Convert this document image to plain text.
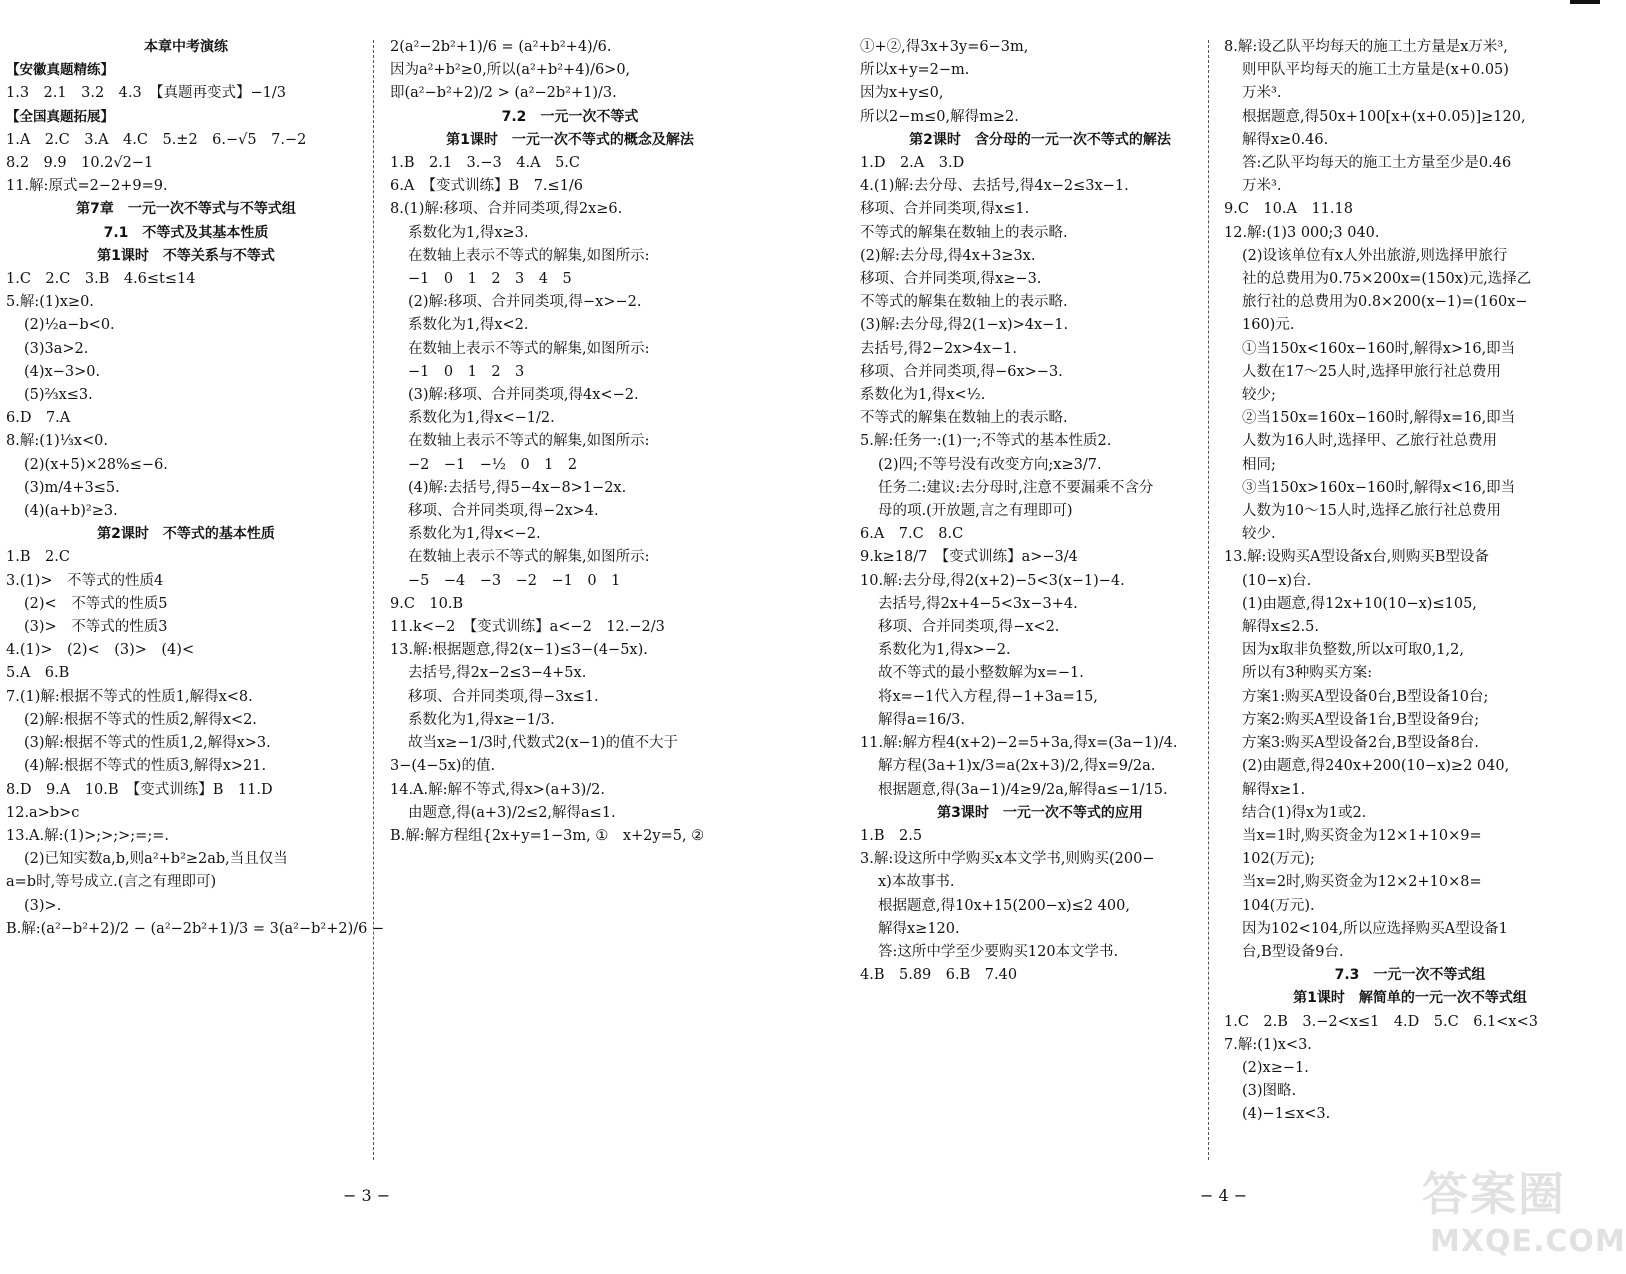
本章中考演练
【安徽真题精练】
1.3　2.1　3.2　4.3　【真题再变式】−1/3
【全国真题拓展】
1.A　2.C　3.A　4.C　5.±2　6.−√5　7.−2
8.2　9.9　10.2√2−1
11.解:原式=2−2+9=9.
第7章　一元一次不等式与不等式组
7.1　不等式及其基本性质
第1课时　不等关系与不等式
1.C　2.C　3.B　4.6≤t≤14
5.解:(1)x≥0.
(2)½a−b<0.
(3)3a>2.
(4)x−3>0.
(5)⅔x≤3.
6.D　7.A
8.解:(1)⅓x<0.
(2)(x+5)×28%≤−6.
(3)m/4+3≤5.
(4)(a+b)²≥3.
第2课时　不等式的基本性质
1.B　2.C
3.(1)>　不等式的性质4
(2)<　不等式的性质5
(3)>　不等式的性质3
4.(1)>　(2)<　(3)>　(4)<
5.A　6.B
7.(1)解:根据不等式的性质1,解得x<8.
(2)解:根据不等式的性质2,解得x<2.
(3)解:根据不等式的性质1,2,解得x>3.
(4)解:根据不等式的性质3,解得x>21.
8.D　9.A　10.B　【变式训练】B　11.D
12.a>b>c
13.A.解:(1)>;>;>;=;=.
(2)已知实数a,b,则a²+b²≥2ab,当且仅当
a=b时,等号成立.(言之有理即可)
(3)>.
B.解:(a²−b²+2)/2 − (a²−2b²+1)/3 = 3(a²−b²+2)/6 −
2(a²−2b²+1)/6 = (a²+b²+4)/6.
因为a²+b²≥0,所以(a²+b²+4)/6>0,
即(a²−b²+2)/2 > (a²−2b²+1)/3.
7.2　一元一次不等式
第1课时　一元一次不等式的概念及解法
1.B　2.1　3.−3　4.A　5.C
6.A　【变式训练】B　7.≤1/6
8.(1)解:移项、合并同类项,得2x≥6.
系数化为1,得x≥3.
在数轴上表示不等式的解集,如图所示:
−1　0　1　2　3　4　5
(2)解:移项、合并同类项,得−x>−2.
系数化为1,得x<2.
在数轴上表示不等式的解集,如图所示:
−1　0　1　2　3
(3)解:移项、合并同类项,得4x<−2.
系数化为1,得x<−1/2.
在数轴上表示不等式的解集,如图所示:
−2　−1　−½　0　1　2
(4)解:去括号,得5−4x−8>1−2x.
移项、合并同类项,得−2x>4.
系数化为1,得x<−2.
在数轴上表示不等式的解集,如图所示:
−5　−4　−3　−2　−1　0　1
9.C　10.B
11.k<−2　【变式训练】a<−2　12.−2/3
13.解:根据题意,得2(x−1)≤3−(4−5x).
去括号,得2x−2≤3−4+5x.
移项、合并同类项,得−3x≤1.
系数化为1,得x≥−1/3.
故当x≥−1/3时,代数式2(x−1)的值不大于
3−(4−5x)的值.
14.A.解:解不等式,得x>(a+3)/2.
由题意,得(a+3)/2≤2,解得a≤1.
B.解:解方程组{2x+y=1−3m, ①　x+2y=5, ②
①+②,得3x+3y=6−3m,
所以x+y=2−m.
因为x+y≤0,
所以2−m≤0,解得m≥2.
第2课时　含分母的一元一次不等式的解法
1.D　2.A　3.D
4.(1)解:去分母、去括号,得4x−2≤3x−1.
移项、合并同类项,得x≤1.
不等式的解集在数轴上的表示略.
(2)解:去分母,得4x+3≥3x.
移项、合并同类项,得x≥−3.
不等式的解集在数轴上的表示略.
(3)解:去分母,得2(1−x)>4x−1.
去括号,得2−2x>4x−1.
移项、合并同类项,得−6x>−3.
系数化为1,得x<½.
不等式的解集在数轴上的表示略.
5.解:任务一:(1)一;不等式的基本性质2.
(2)四;不等号没有改变方向;x≥3/7.
任务二:建议:去分母时,注意不要漏乘不含分
母的项.(开放题,言之有理即可)
6.A　7.C　8.C
9.k≥18/7　【变式训练】a>−3/4
10.解:去分母,得2(x+2)−5<3(x−1)−4.
去括号,得2x+4−5<3x−3+4.
移项、合并同类项,得−x<2.
系数化为1,得x>−2.
故不等式的最小整数解为x=−1.
将x=−1代入方程,得−1+3a=15,
解得a=16/3.
11.解:解方程4(x+2)−2=5+3a,得x=(3a−1)/4.
解方程(3a+1)x/3=a(2x+3)/2,得x=9/2a.
根据题意,得(3a−1)/4≥9/2a,解得a≤−1/15.
第3课时　一元一次不等式的应用
1.B　2.5
3.解:设这所中学购买x本文学书,则购买(200−
x)本故事书.
根据题意,得10x+15(200−x)≤2 400,
解得x≥120.
答:这所中学至少要购买120本文学书.
4.B　5.89　6.B　7.40
8.解:设乙队平均每天的施工土方量是x万米³,
则甲队平均每天的施工土方量是(x+0.05)
万米³.
根据题意,得50x+100[x+(x+0.05)]≥120,
解得x≥0.46.
答:乙队平均每天的施工土方量至少是0.46
万米³.
9.C　10.A　11.18
12.解:(1)3 000;3 040.
(2)设该单位有x人外出旅游,则选择甲旅行
社的总费用为0.75×200x=(150x)元,选择乙
旅行社的总费用为0.8×200(x−1)=(160x−
160)元.
①当150x<160x−160时,解得x>16,即当
人数在17～25人时,选择甲旅行社总费用
较少;
②当150x=160x−160时,解得x=16,即当
人数为16人时,选择甲、乙旅行社总费用
相同;
③当150x>160x−160时,解得x<16,即当
人数为10～15人时,选择乙旅行社总费用
较少.
13.解:设购买A型设备x台,则购买B型设备
(10−x)台.
(1)由题意,得12x+10(10−x)≤105,
解得x≤2.5.
因为x取非负整数,所以x可取0,1,2,
所以有3种购买方案:
方案1:购买A型设备0台,B型设备10台;
方案2:购买A型设备1台,B型设备9台;
方案3:购买A型设备2台,B型设备8台.
(2)由题意,得240x+200(10−x)≥2 040,
解得x≥1.
结合(1)得x为1或2.
当x=1时,购买资金为12×1+10×9=
102(万元);
当x=2时,购买资金为12×2+10×8=
104(万元).
因为102<104,所以应选择购买A型设备1
台,B型设备9台.
7.3　一元一次不等式组
第1课时　解简单的一元一次不等式组
1.C　2.B　3.−2<x≤1　4.D　5.C　6.1<x<3
7.解:(1)x<3.
(2)x≥−1.
(3)图略.
(4)−1≤x<3.
− 3 −	− 4 −	答案圈
MXQE.COM
